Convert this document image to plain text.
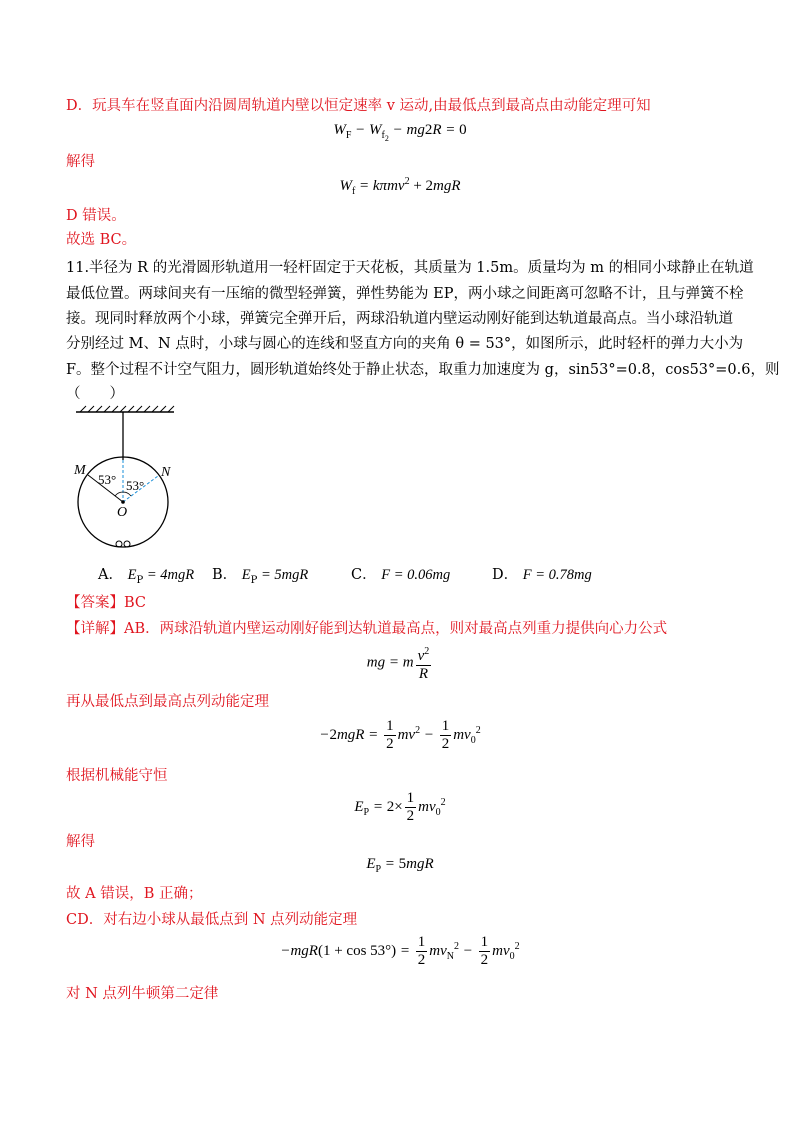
D．玩具车在竖直面内沿圆周轨道内壁以恒定速率 v 运动,由最低点到最高点由动能定理可知
$W_F - W_{f_2} - mg2R = 0$
解得
$W_f = k\pi mv^2 + 2mgR$
D 错误。
故选 BC。
11.半径为 R 的光滑圆形轨道用一轻杆固定于天花板，其质量为 1.5m。质量均为 m 的相同小球静止在轨道
最低位置。两球间夹有一压缩的微型轻弹簧，弹性势能为 EP，两小球之间距离可忽略不计，且与弹簧不栓
接。现同时释放两个小球，弹簧完全弹开后，两球沿轨道内壁运动刚好能到达轨道最高点。当小球沿轨道
分别经过 M、N 点时，小球与圆心的连线和竖直方向的夹角 θ = 53°，如图所示，此时轻杆的弹力大小为
F。整个过程不计空气阻力，圆形轨道始终处于静止状态，取重力加速度为 g，sin53°=0.8，cos53°=0.6，则
（　　）
M	N
O
53° 53°
A． $E_P = 4mgR$ B． $E_P = 5mgR$	C． F = 0.06mg	D． F = 0.78mg
【答案】BC
【详解】AB．两球沿轨道内壁运动刚好能到达轨道最高点，则对最高点列重力提供向心力公式
mg = m $\frac{v^2}{R}$
再从最低点到最高点列动能定理
$-2mgR = \frac{1}{2} mv^2 - \frac{1}{2} mv_0^2$
根据机械能守恒
$E_P = 2\times \frac{1}{2} mv_0^2$
解得
$E_P = 5mgR$
故 A 错误，B 正确；
CD．对右边小球从最低点到 N 点列动能定理
$-mgR(1 + \cos 53^\circ) = \frac{1}{2} mv_N^2 - \frac{1}{2} mv_0^2$
对 N 点列牛顿第二定律
